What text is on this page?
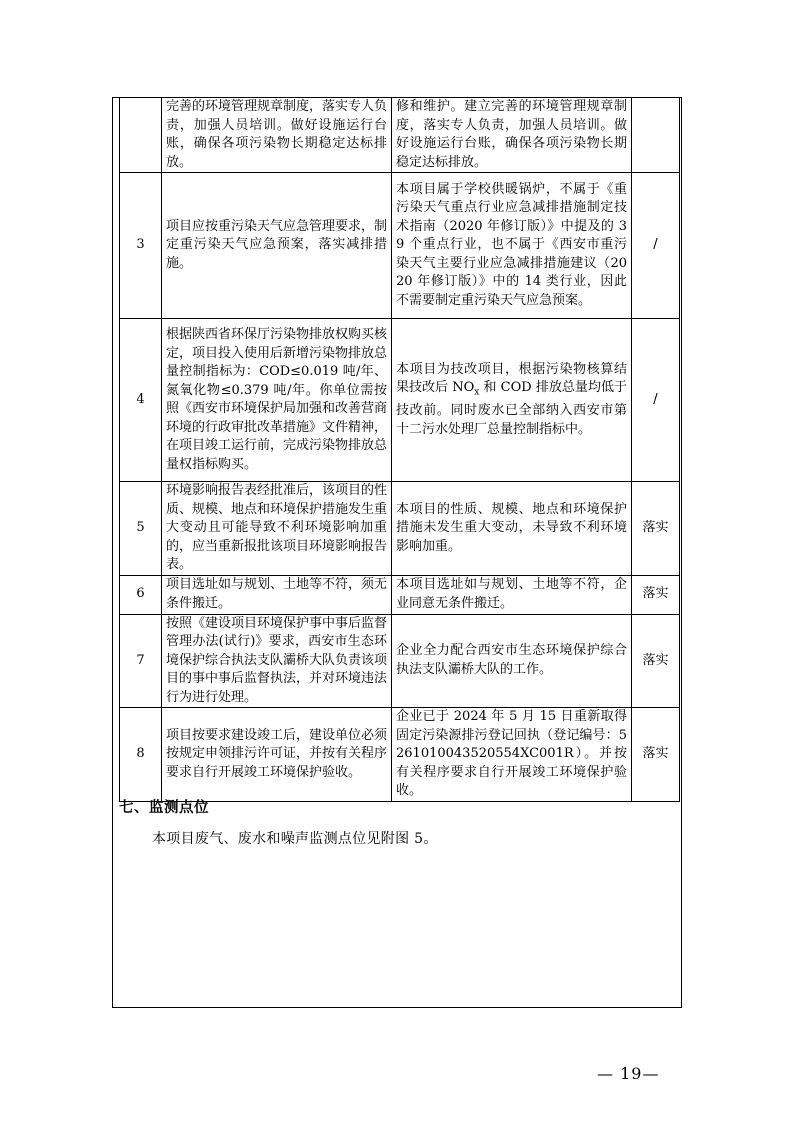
	完善的环境管理规章制度，落实专人负责，加强人员培训。做好设施运行台账，确保各项污染物长期稳定达标排放。	修和维护。建立完善的环境管理规章制度，落实专人负责，加强人员培训。做好设施运行台账，确保各项污染物长期稳定达标排放。	
3	项目应按重污染天气应急管理要求，制定重污染天气应急预案，落实减排措施。	本项目属于学校供暖锅炉，不属于《重污染天气重点行业应急减排措施制定技术指南（2020 年修订版）》中提及的 39 个重点行业，也不属于《西安市重污染天气主要行业应急减排措施建议（2020 年修订版）》中的 14 类行业，因此不需要制定重污染天气应急预案。	/
4	根据陕西省环保厅污染物排放权购买核定，项目投入使用后新增污染物排放总量控制指标为：COD≤0.019 吨/年、氮氧化物≤0.379 吨/年。你单位需按照《西安市环境保护局加强和改善营商环境的行政审批改革措施》文件精神，在项目竣工运行前，完成污染物排放总量权指标购买。	本项目为技改项目，根据污染物核算结果技改后 $NO_x$ 和 COD 排放总量均低于技改前。同时废水已全部纳入西安市第十二污水处理厂总量控制指标中。	/
5	环境影响报告表经批准后，该项目的性质、规模、地点和环境保护措施发生重大变动且可能导致不利环境影响加重的，应当重新报批该项目环境影响报告表。	本项目的性质、规模、地点和环境保护措施未发生重大变动，未导致不利环境影响加重。	落实
6	项目选址如与规划、土地等不符，须无条件搬迁。	本项目选址如与规划、土地等不符，企业同意无条件搬迁。	落实
7	按照《建设项目环境保护事中事后监督管理办法(试行)》要求，西安市生态环境保护综合执法支队灞桥大队负责该项目的事中事后监督执法，并对环境违法行为进行处理。	企业全力配合西安市生态环境保护综合执法支队灞桥大队的工作。	落实
8	项目按要求建设竣工后，建设单位必须按规定申领排污许可证，并按有关程序要求自行开展竣工环境保护验收。	企业已于 2024 年 5 月 15 日重新取得固定污染源排污登记回执（登记编号：5261010043520554XC001R）。并按有关程序要求自行开展竣工环境保护验收。	落实
七、监测点位
本项目废气、废水和噪声监测点位见附图 5。
— 19—
